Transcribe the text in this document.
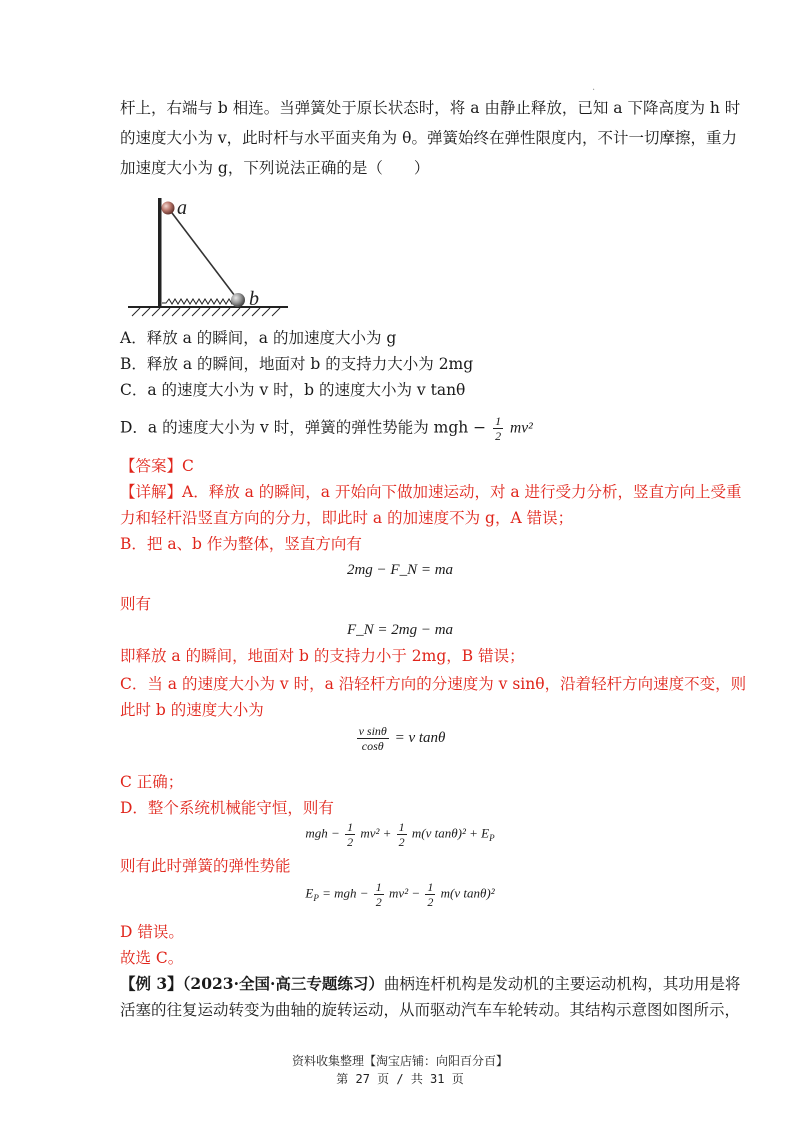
.
杆上，右端与 b 相连。当弹簧处于原长状态时，将 a 由静止释放，已知 a 下降高度为 h 时
的速度大小为 v，此时杆与水平面夹角为 θ。弹簧始终在弹性限度内，不计一切摩擦，重力
加速度大小为 g，下列说法正确的是（　　）
a
b
A．释放 a 的瞬间，a 的加速度大小为 g
B．释放 a 的瞬间，地面对 b 的支持力大小为 2mg
C．a 的速度大小为 v 时，b 的速度大小为 v tanθ
D．a 的速度大小为 v 时，弹簧的弹性势能为 mgh − $\frac{1}{2} mv^2$
【答案】C
【详解】A．释放 a 的瞬间，a 开始向下做加速运动，对 a 进行受力分析，竖直方向上受重
力和轻杆沿竖直方向的分力，即此时 a 的加速度不为 g，A 错误；
B．把 a、b 作为整体，竖直方向有
2mg − F_N = ma
则有
F_N = 2mg − ma
即释放 a 的瞬间，地面对 b 的支持力小于 2mg，B 错误；
C．当 a 的速度大小为 v 时，a 沿轻杆方向的分速度为 v sinθ，沿着轻杆方向速度不变，则
此时 b 的速度大小为
$\frac{\text{v sinθ}}{\cos\theta} = v$ tanθ
C 正确；
D．整个系统机械能守恒，则有
mgh − $\frac{1}{2} mv^2 + \frac{1}{2} m(v$ $\tan\theta)^2 + E_P$
则有此时弹簧的弹性势能
$E_P$ = mgh − $\frac{1}{2} mv^2 - \frac{1}{2} m(v$ tanθ)²
D 错误。
故选 C。
【例 3】（2023·全国·高三专题练习）曲柄连杆机构是发动机的主要运动机构，其功用是将
活塞的往复运动转变为曲轴的旋转运动，从而驱动汽车车轮转动。其结构示意图如图所示，
资料收集整理【淘宝店铺：向阳百分百】
第 27 页 / 共 31 页
